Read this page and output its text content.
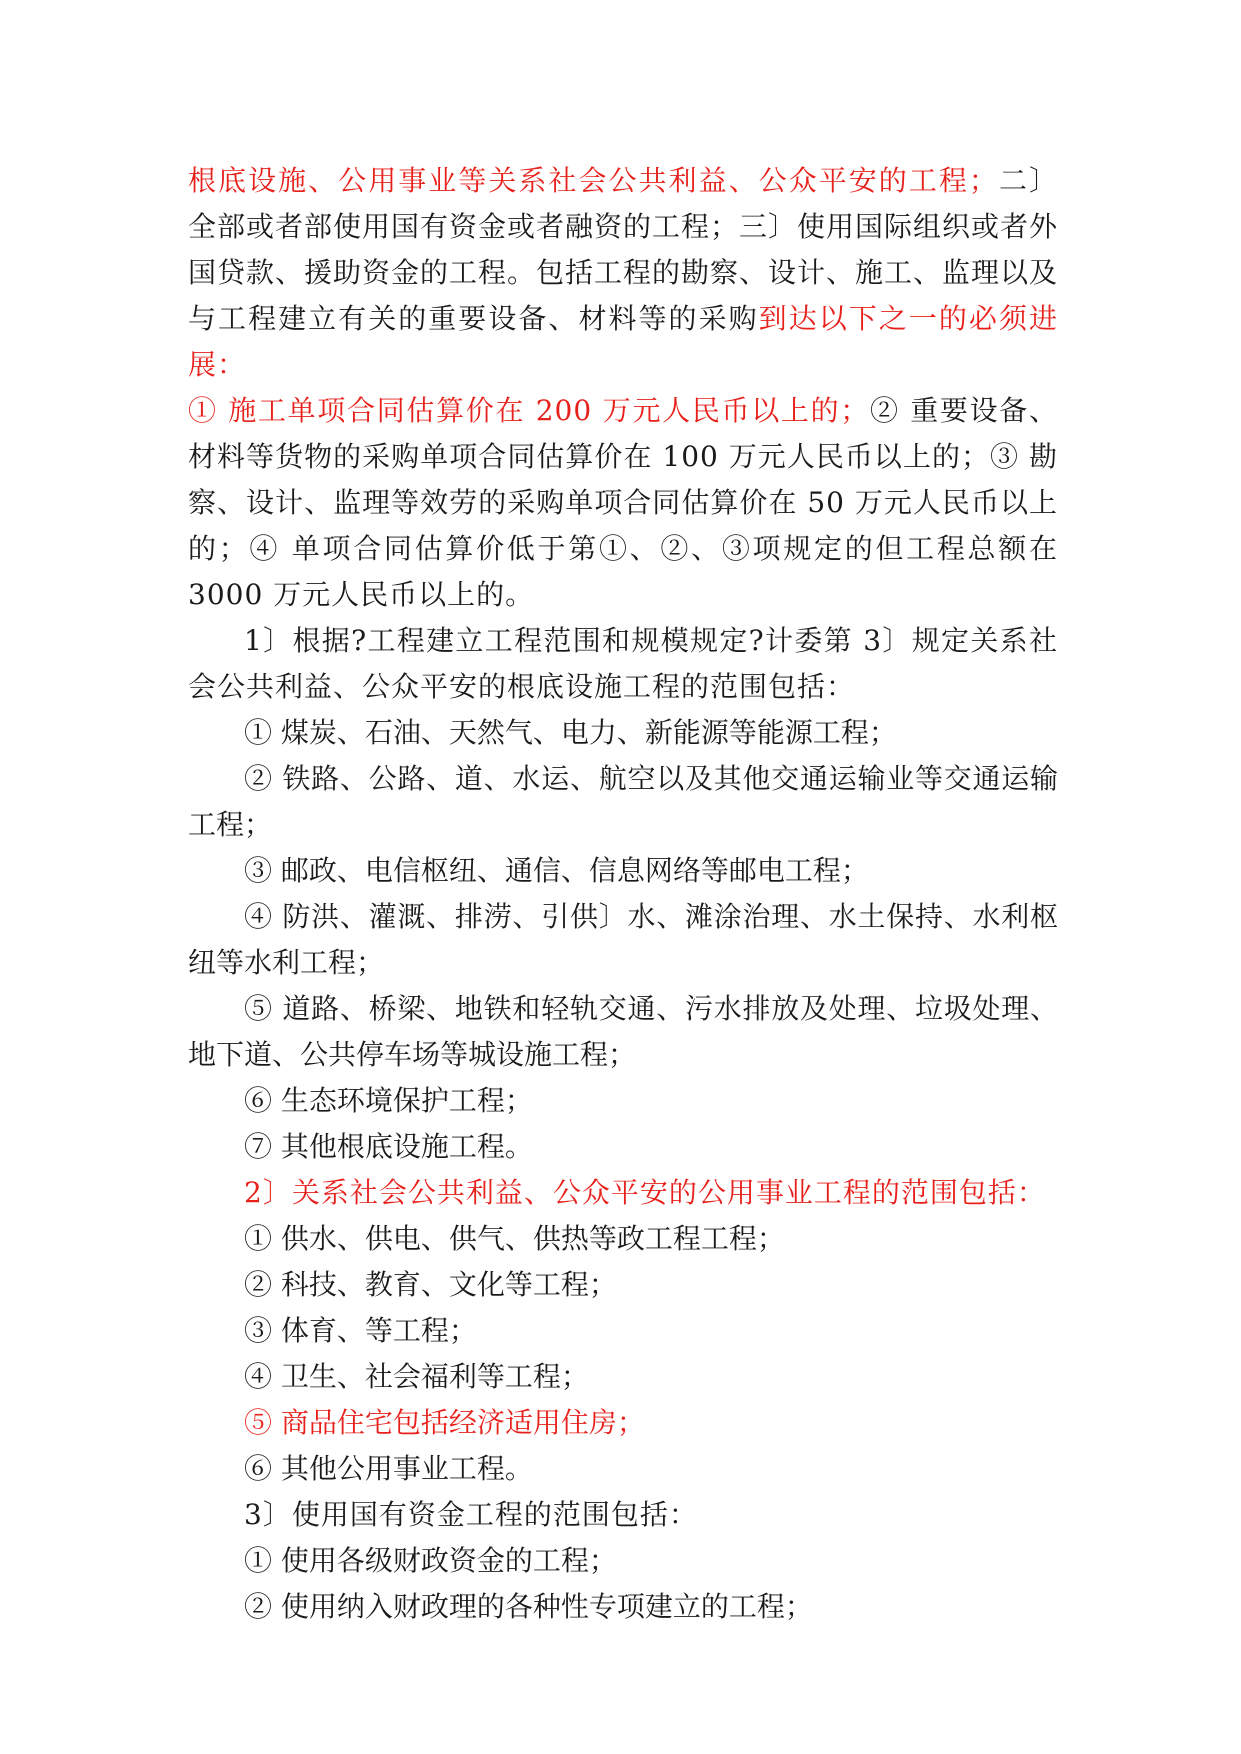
根底设施、公用事业等关系社会公共利益、公众平安的工程；二〕全部或者部使用国有资金或者融资的工程；三〕使用国际组织或者外国贷款、援助资金的工程。包括工程的勘察、设计、施工、监理以及与工程建立有关的重要设备、材料等的采购到达以下之一的必须进展：
① 施工单项合同估算价在 200 万元人民币以上的；② 重要设备、材料等货物的采购单项合同估算价在 100 万元人民币以上的；③ 勘察、设计、监理等效劳的采购单项合同估算价在 50 万元人民币以上的；④ 单项合同估算价低于第①、②、③项规定的但工程总额在 3000 万元人民币以上的。

1〕根据?工程建立工程范围和规模规定?计委第 3〕规定关系社会公共利益、公众平安的根底设施工程的范围包括：

① 煤炭、石油、天然气、电力、新能源等能源工程；

② 铁路、公路、道、水运、航空以及其他交通运输业等交通运输工程；

③ 邮政、电信枢纽、通信、信息网络等邮电工程；

④ 防洪、灌溉、排涝、引供〕水、滩涂治理、水土保持、水利枢纽等水利工程；

⑤ 道路、桥梁、地铁和轻轨交通、污水排放及处理、垃圾处理、地下道、公共停车场等城设施工程；

⑥ 生态环境保护工程；

⑦ 其他根底设施工程。

2〕关系社会公共利益、公众平安的公用事业工程的范围包括：

① 供水、供电、供气、供热等政工程工程；

② 科技、教育、文化等工程；

③ 体育、等工程；

④ 卫生、社会福利等工程；

⑤ 商品住宅包括经济适用住房；

⑥ 其他公用事业工程。

3〕使用国有资金工程的范围包括：

① 使用各级财政资金的工程；

② 使用纳入财政理的各种性专项建立的工程；
